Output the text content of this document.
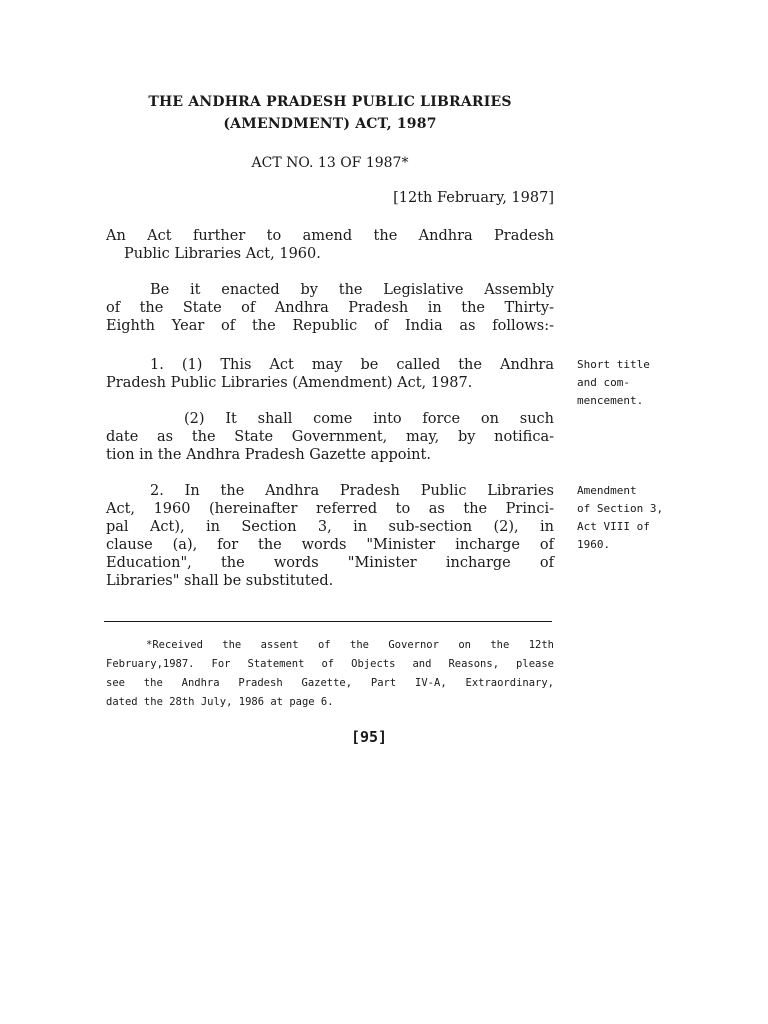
THE ANDHRA PRADESH PUBLIC LIBRARIES
(AMENDMENT) ACT, 1987
ACT NO. 13 OF 1987*
[12th February, 1987]
An Act further to amend the Andhra Pradesh
Public Libraries Act, 1960.
Be it enacted by the Legislative Assembly
of the State of Andhra Pradesh in the Thirty-
Eighth Year of the Republic of India as follows:-
1. (1) This Act may be called the Andhra
Pradesh Public Libraries (Amendment) Act, 1987.
(2) It shall come into force on such
date as the State Government, may, by notifica-
tion in the Andhra Pradesh Gazette appoint.
Short title
and com-
mencement.
2. In the Andhra Pradesh Public Libraries
Act, 1960 (hereinafter referred to as the Princi-
pal Act), in Section 3, in sub-section (2), in
clause (a), for the words "Minister incharge of
Education", the words "Minister incharge of
Libraries" shall be substituted.
Amendment
of Section 3,
Act VIII of
1960.
*Received the assent of the Governor on the 12th
February,1987. For Statement of Objects and Reasons, please
see the Andhra Pradesh Gazette, Part IV-A, Extraordinary,
dated the 28th July, 1986 at page 6.
[95]
